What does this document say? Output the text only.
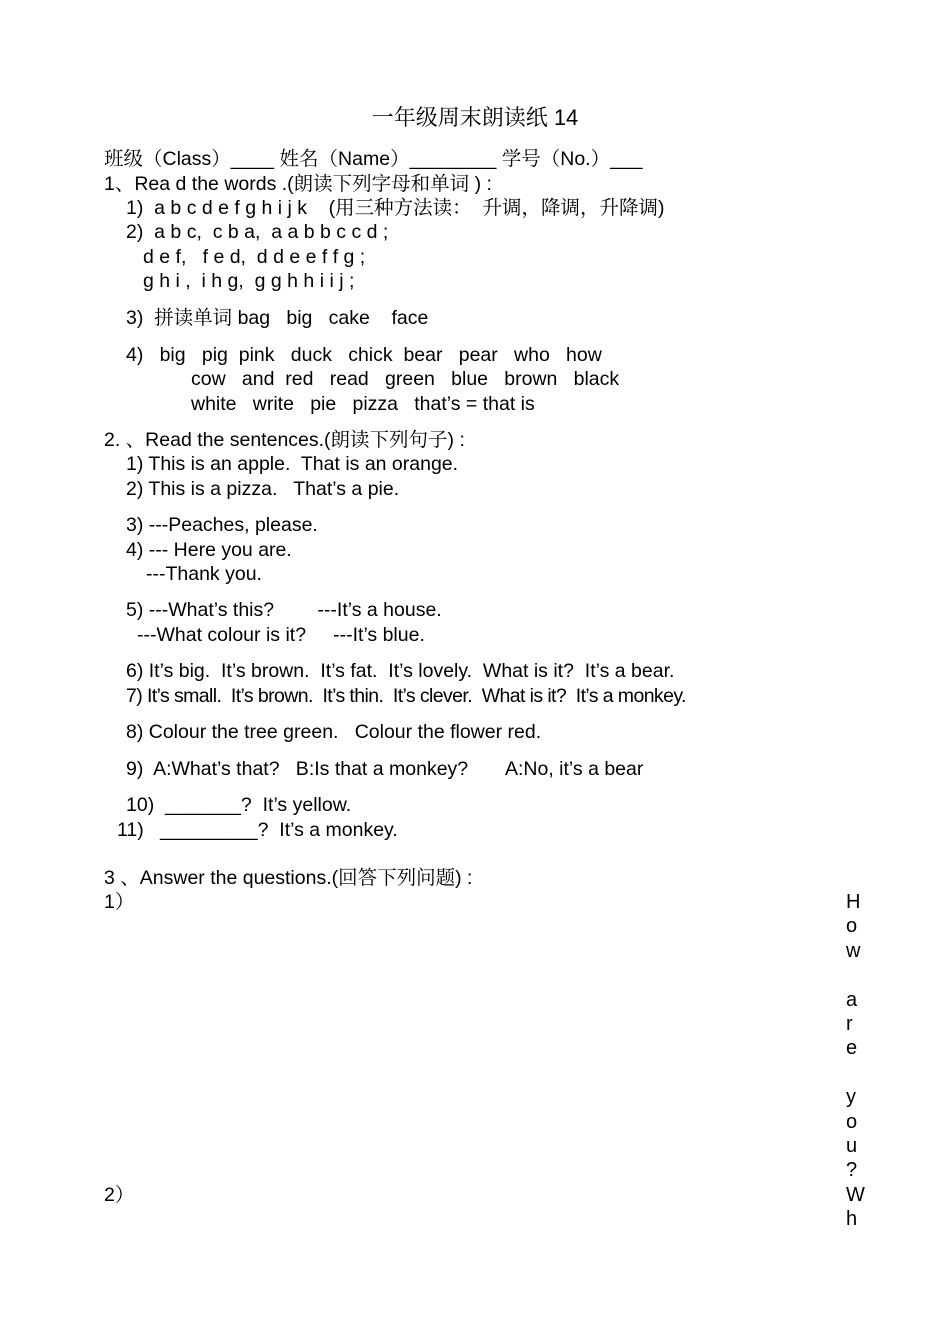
一年级周末朗读纸 14
班级（Class）____ 姓名（Name）________ 学号（No.）___
1、Rea d the words .(朗读下列字母和单词 ) :
1)  a b c d e f g h i j k    (用三种方法读：  升调，降调，升降调)
2)  a b c,  c b a,  a a b b c c d ;
d e f,   f e d,  d d e e f f g ;
g h i ,  i h g,  g g h h i i j ;
3)  拼读单词 bag   big   cake    face
4)   big   pig  pink   duck   chick  bear   pear   who   how
cow   and  red   read   green   blue   brown   black
white   write   pie   pizza   that’s = that is
2. 、Read the sentences.(朗读下列句子) :
1) This is an apple.  That is an orange.
2) This is a pizza.   That’s a pie.
3) ---Peaches, please.
4) --- Here you are.
---Thank you.
5) ---What’s this?        ---It’s a house.
---What colour is it?     ---It’s blue.
6) It’s big.  It’s brown.  It’s fat.  It’s lovely.  What is it?  It’s a bear.
7) It’s small.  It’s brown.  It’s thin.  It’s clever.  What is it?  It’s a monkey.
8) Colour the tree green.   Colour the flower red.
9)  A:What’s that?   B:Is that a monkey?       A:No, it’s a bear
10)  _______?  It’s yellow.
11)   _________?  It’s a monkey.
3 、Answer the questions.(回答下列问题) :
1）
2）
H
o
w
a
r
e
y
o
u
?
W
h
